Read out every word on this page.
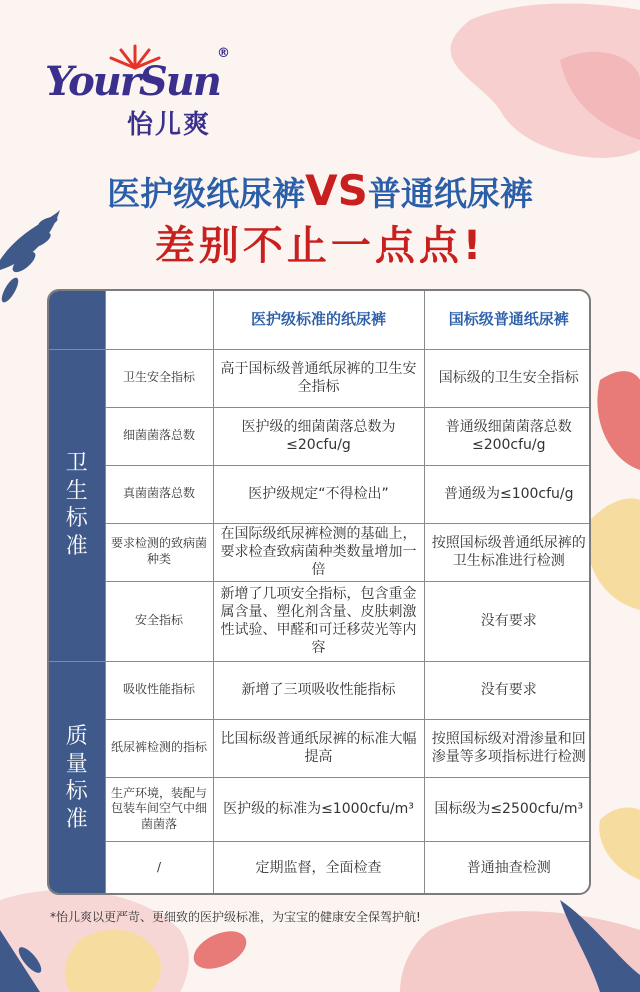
YourSun
®
怡儿爽
医护级纸尿裤VS普通纸尿裤
差别不止一点点!
		医护级标准的纸尿裤	国标级普通纸尿裤
卫
生
标
准	卫生安全指标	高于国标级普通纸尿裤的卫生安全指标	国标级的卫生安全指标
	细菌菌落总数	医护级的细菌菌落总数为≤20cfu/g	普通级细菌菌落总数≤200cfu/g
	真菌菌落总数	医护级规定“不得检出”	普通级为≤100cfu/g
	要求检测的致病菌种类	在国际级纸尿裤检测的基础上，要求检查致病菌种类数量增加一倍	按照国标级普通纸尿裤的卫生标准进行检测
	安全指标	新增了几项安全指标，包含重金属含量、塑化剂含量、皮肤刺激性试验、甲醛和可迁移荧光等内容	没有要求
质
量
标
准	吸收性能指标	新增了三项吸收性能指标	没有要求
	纸尿裤检测的指标	比国标级普通纸尿裤的标准大幅提高	按照国标级对滑渗量和回渗量等多项指标进行检测
	生产环境，装配与包装车间空气中细菌菌落	医护级的标准为≤1000cfu/m³	国标级为≤2500cfu/m³
	/	定期监督，全面检查	普通抽查检测
*怡儿爽以更严苛、更细致的医护级标准，为宝宝的健康安全保驾护航!
